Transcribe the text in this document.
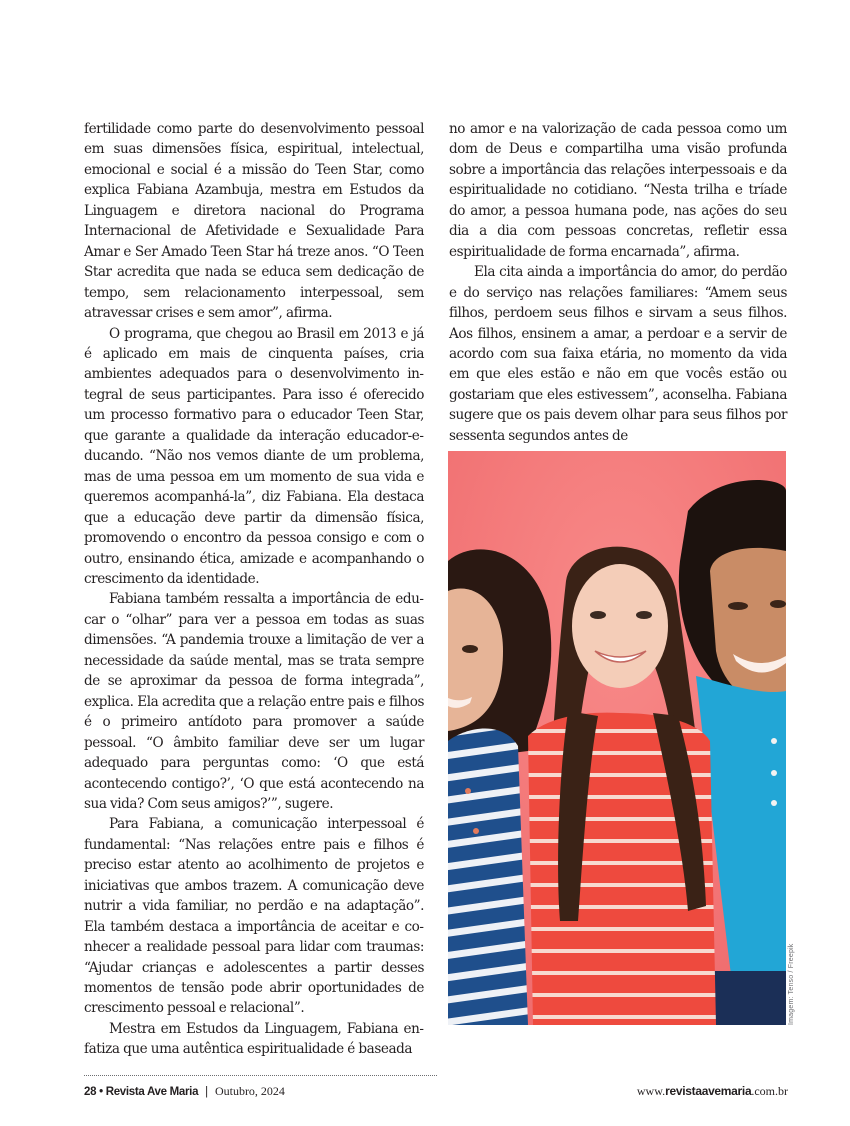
fertilidade como parte do desenvolvimento pessoal em suas dimensões física, espiritual, intelectual, emocional e social é a missão do Teen Star, como explica Fabiana Azambuja, mestra em Estudos da Linguagem e diretora nacional do Programa Internacional de Afetividade e Sexualidade Para Amar e Ser Amado Teen Star há treze anos. “O Teen Star acredita que nada se educa sem dedicação de tempo, sem relacionamento interpessoal, sem atravessar crises e sem amor”, afirma.

O programa, que chegou ao Brasil em 2013 e já é aplicado em mais de cinquenta países, cria ambientes adequados para o desenvolvimento integral de seus participantes. Para isso é oferecido um processo formativo para o educador Teen Star, que garante a qualidade da interação educador-educando. “Não nos vemos diante de um problema, mas de uma pessoa em um momento de sua vida e queremos acompanhá-la”, diz Fabiana. Ela destaca que a educação deve partir da dimensão física, promovendo o encontro da pessoa consigo e com o outro, ensinando ética, amizade e acompanhando o crescimento da identidade.

Fabiana também ressalta a importância de educar o “olhar” para ver a pessoa em todas as suas dimensões. “A pandemia trouxe a limitação de ver a necessidade da saúde mental, mas se trata sempre de se aproximar da pessoa de forma integrada”, explica. Ela acredita que a relação entre pais e filhos é o primeiro antídoto para promover a saúde pessoal. “O âmbito familiar deve ser um lugar adequado para perguntas como: ‘O que está acontecendo contigo?’, ‘O que está acontecendo na sua vida? Com seus amigos?’”, sugere.

Para Fabiana, a comunicação interpessoal é fundamental: “Nas relações entre pais e filhos é preciso estar atento ao acolhimento de projetos e iniciativas que ambos trazem. A comunicação deve nutrir a vida familiar, no perdão e na adaptação”. Ela também destaca a importância de aceitar e conhecer a realidade pessoal para lidar com traumas: “Ajudar crianças e adolescentes a partir desses momentos de tensão pode abrir oportunidades de crescimento pessoal e relacional”.

Mestra em Estudos da Linguagem, Fabiana enfatiza que uma autêntica espiritualidade é baseada

no amor e na valorização de cada pessoa como um dom de Deus e compartilha uma visão profunda sobre a importância das relações interpessoais e da espiritualidade no cotidiano. “Nesta trilha e tríade do amor, a pessoa humana pode, nas ações do seu dia a dia com pessoas concretas, refletir essa espiritualidade de forma encarnada”, afirma.

Ela cita ainda a importância do amor, do perdão e do serviço nas relações familiares: “Amem seus filhos, perdoem seus filhos e sirvam a seus filhos. Aos filhos, ensinem a amar, a perdoar e a servir de acordo com sua faixa etária, no momento da vida em que eles estão e não em que vocês estão ou gostariam que eles estivessem”, aconselha. Fabiana sugere que os pais devem olhar para seus filhos por sessenta segundos antes de

Imagem: Tenso / Freepik
28 • Revista Ave Maria | Outubro, 2024	www.revistaavemaria.com.br
